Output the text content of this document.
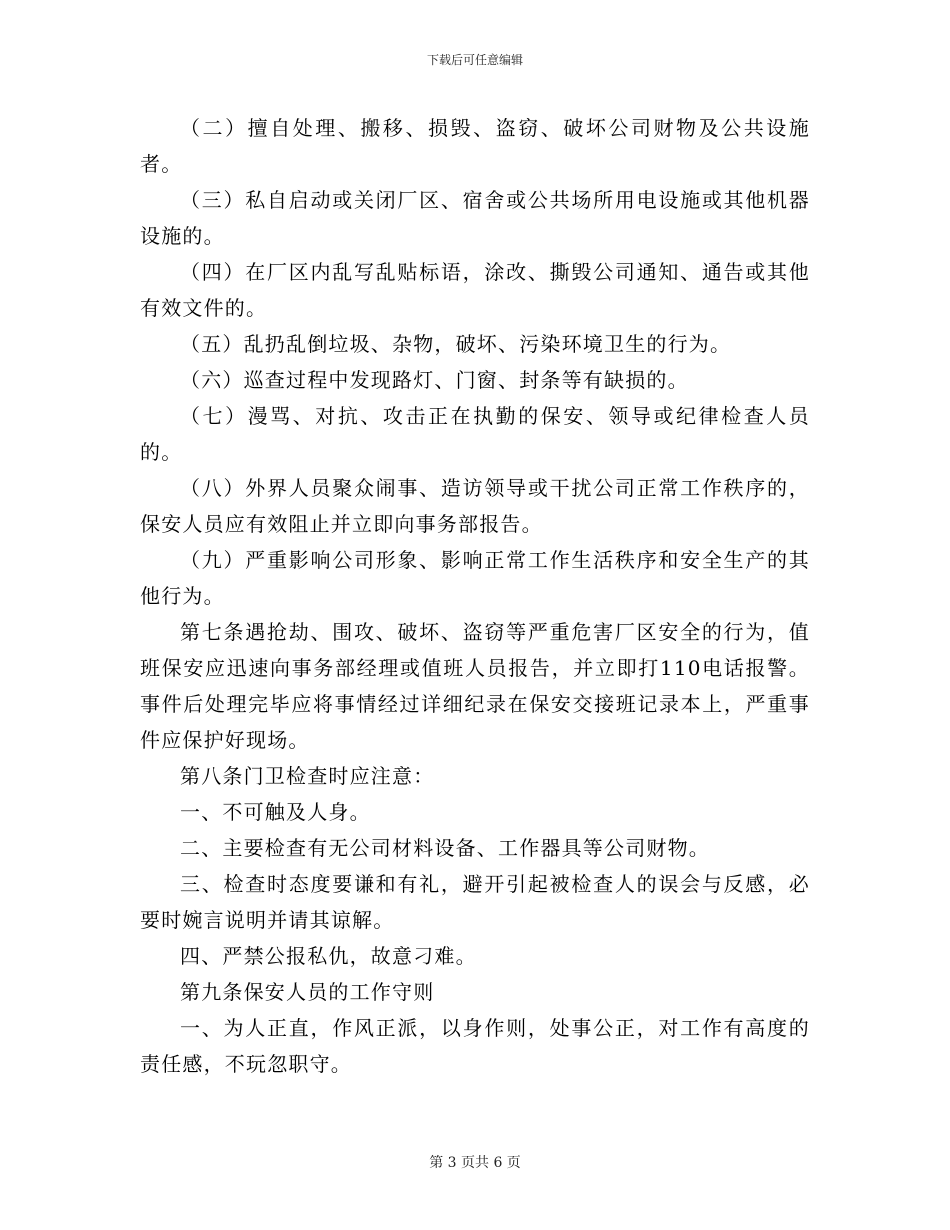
下载后可任意编辑

（二）擅自处理、搬移、损毁、盗窃、破坏公司财物及公共设施者。

（三）私自启动或关闭厂区、宿舍或公共场所用电设施或其他机器设施的。

（四）在厂区内乱写乱贴标语，涂改、撕毁公司通知、通告或其他有效文件的。

（五）乱扔乱倒垃圾、杂物，破坏、污染环境卫生的行为。

（六）巡查过程中发现路灯、门窗、封条等有缺损的。

（七）漫骂、对抗、攻击正在执勤的保安、领导或纪律检查人员的。

（八）外界人员聚众闹事、造访领导或干扰公司正常工作秩序的，保安人员应有效阻止并立即向事务部报告。

（九）严重影响公司形象、影响正常工作生活秩序和安全生产的其他行为。

第七条遇抢劫、围攻、破坏、盗窃等严重危害厂区安全的行为，值班保安应迅速向事务部经理或值班人员报告，并立即打110电话报警。事件后处理完毕应将事情经过详细纪录在保安交接班记录本上，严重事件应保护好现场。

第八条门卫检查时应注意：

一、不可触及人身。

二、主要检查有无公司材料设备、工作器具等公司财物。

三、检查时态度要谦和有礼，避开引起被检查人的误会与反感，必要时婉言说明并请其谅解。

四、严禁公报私仇，故意刁难。

第九条保安人员的工作守则

一、为人正直，作风正派，以身作则，处事公正，对工作有高度的责任感，不玩忽职守。

第 3 页共 6 页
